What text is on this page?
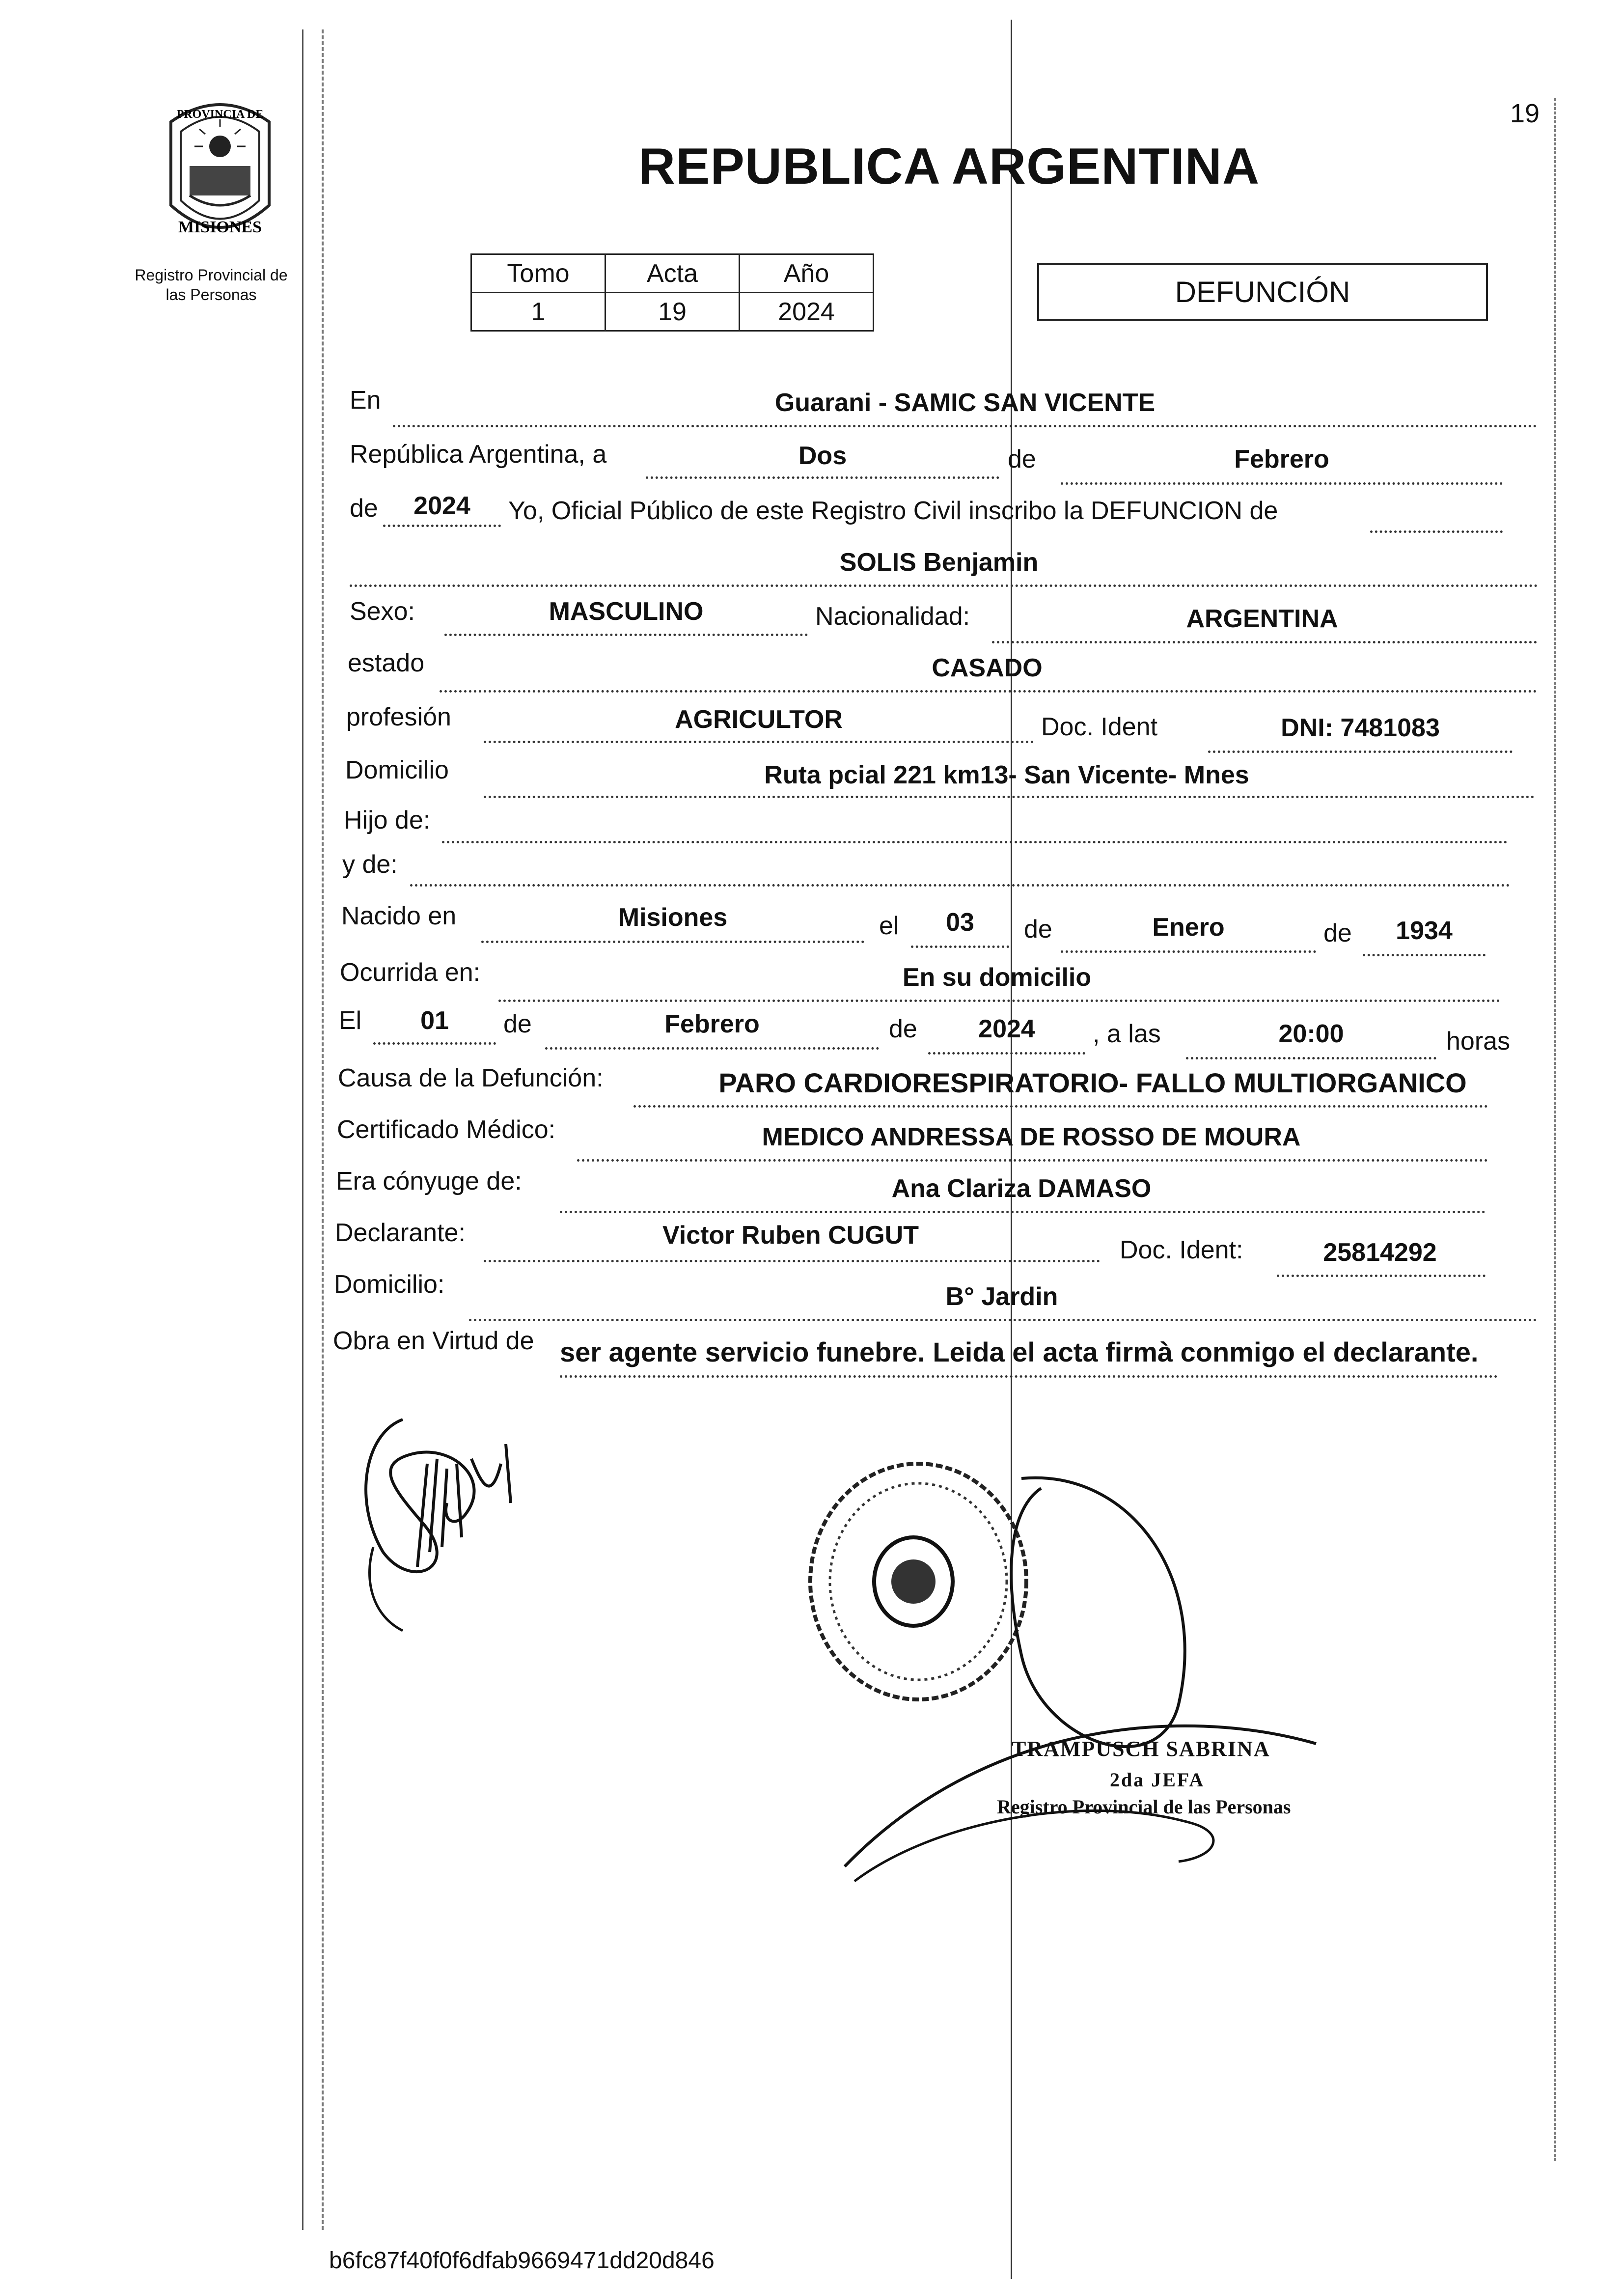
19
PROVINCIA DE
MISIONES
Registro Provincial de las Personas
REPUBLICA ARGENTINA
Tomo	Acta	Año
1	19	2024
DEFUNCIÓN
En	Guarani - SAMIC SAN VICENTE
República Argentina, a	Dos	de	Febrero
de	2024	Yo, Oficial Público de este Registro Civil inscribo la DEFUNCION de
SOLIS Benjamin
Sexo:	MASCULINO	Nacionalidad:	ARGENTINA
estado	CASADO
profesión	AGRICULTOR	Doc. Ident	DNI: 7481083
Domicilio	Ruta pcial 221 km13- San Vicente- Mnes
Hijo de:
y de:
Nacido en	Misiones	el	03	de	Enero	de	1934
Ocurrida en:	En su domicilio
El	01	de	Febrero	de	2024	, a las	20:00	horas
Causa de la Defunción:	PARO CARDIORESPIRATORIO- FALLO MULTIORGANICO
Certificado Médico:	MEDICO ANDRESSA DE ROSSO DE MOURA
Era cónyuge de:	Ana Clariza DAMASO
Declarante:	Victor Ruben CUGUT
Doc. Ident:	25814292
Domicilio:	B° Jardin
Obra en Virtud de ser agente servicio funebre. Leida el acta firmà conmigo el declarante.
TRAMPUSCH SABRINA
2da JEFA
Registro Provincial de las Personas
b6fc87f40f0f6dfab9669471dd20d846
